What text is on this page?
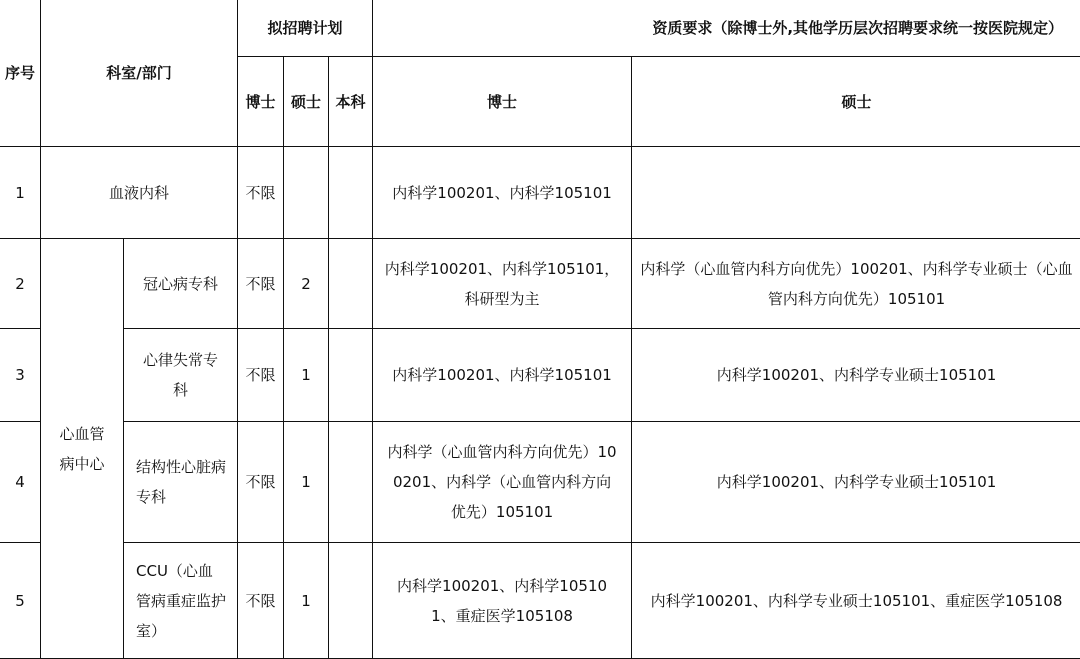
序号	科室/部门		拟招聘计划			资质要求（除博士外,其他学历层次招聘要求统一按医院规定）	
			博士	硕士	本科	博士	硕士
1	血液内科		不限			内科学100201、内科学105101	
2	心血管病中心	冠心病专科	不限	2		内科学100201、内科学105101，科研型为主	内科学（心血管内科方向优先）100201、内科学专业硕士（心血管内科方向优先）105101
3		心律失常专科	不限	1		内科学100201、内科学105101	内科学100201、内科学专业硕士105101
4		结构性心脏病专科	不限	1		内科学（心血管内科方向优先）100201、内科学（心血管内科方向优先）105101	内科学100201、内科学专业硕士105101
5		CCU（心血管病重症监护室）	不限	1		内科学100201、内科学105101、重症医学105108	内科学100201、内科学专业硕士105101、重症医学105108
